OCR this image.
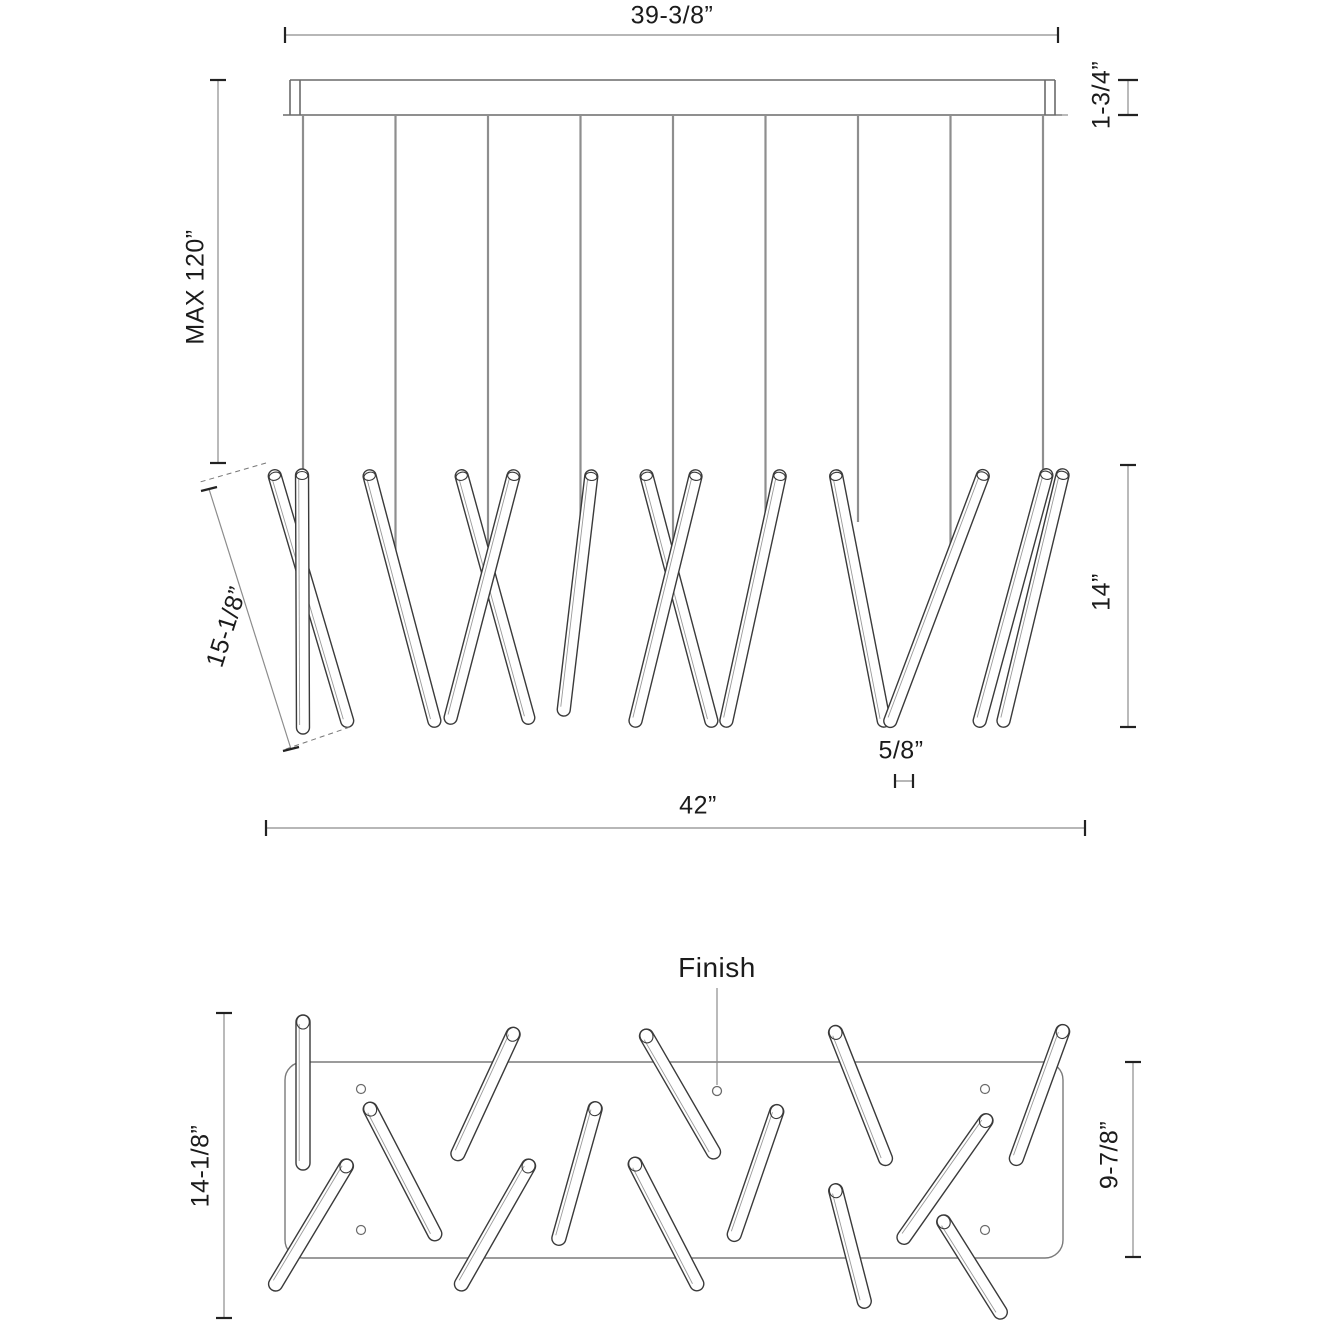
39-3/8”
1-3/4”
MAX 120”
15-1/8”	14”
5/8”
42”
Finish
14-1/8”	9-7/8”
